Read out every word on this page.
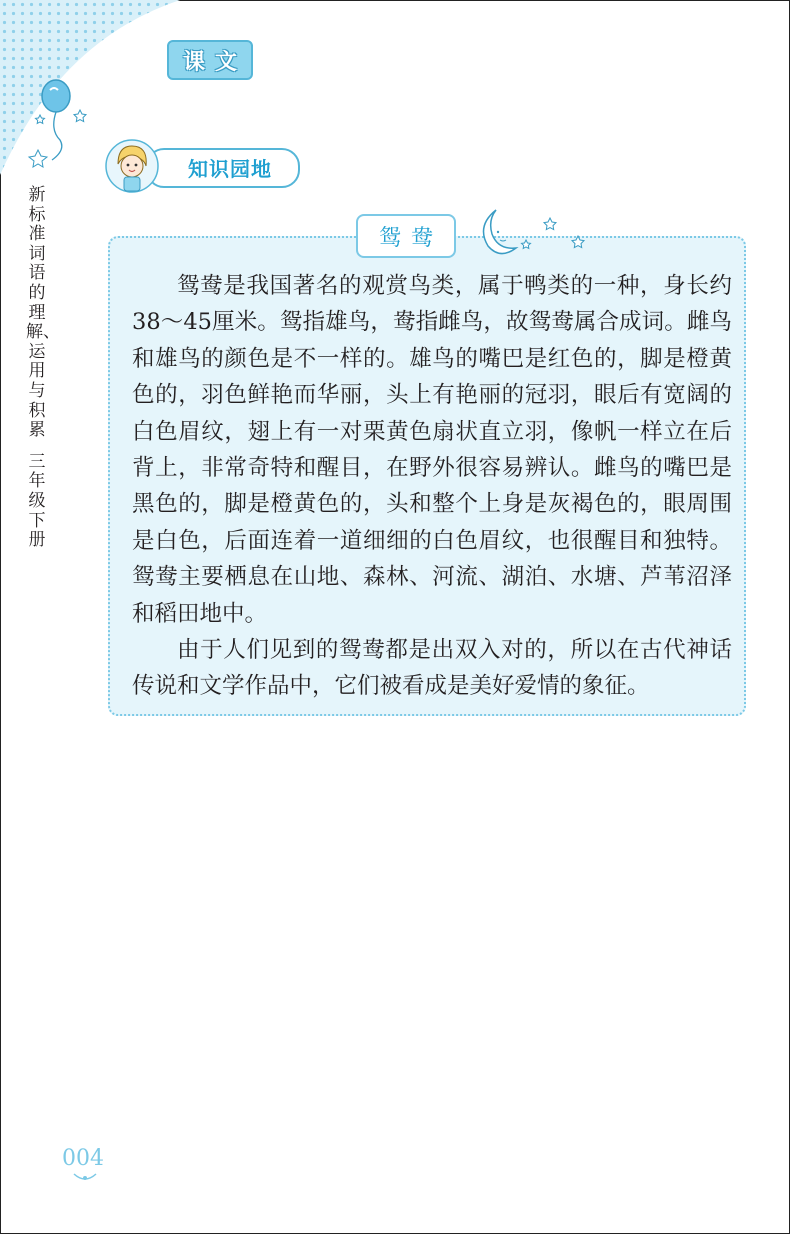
新标准词语的理解、运用与积累
三年级下册
课文
知识园地
鸳鸯

鸳鸯是我国著名的观赏鸟类，属于鸭类的一种，身长约38～45厘米。鸳指雄鸟，鸯指雌鸟，故鸳鸯属合成词。雌鸟和雄鸟的颜色是不一样的。雄鸟的嘴巴是红色的，脚是橙黄色的，羽色鲜艳而华丽，头上有艳丽的冠羽，眼后有宽阔的白色眉纹，翅上有一对栗黄色扇状直立羽，像帆一样立在后背上，非常奇特和醒目，在野外很容易辨认。雌鸟的嘴巴是黑色的，脚是橙黄色的，头和整个上身是灰褐色的，眼周围是白色，后面连着一道细细的白色眉纹，也很醒目和独特。鸳鸯主要栖息在山地、森林、河流、湖泊、水塘、芦苇沼泽和稻田地中。

由于人们见到的鸳鸯都是出双入对的，所以在古代神话传说和文学作品中，它们被看成是美好爱情的象征。

004
